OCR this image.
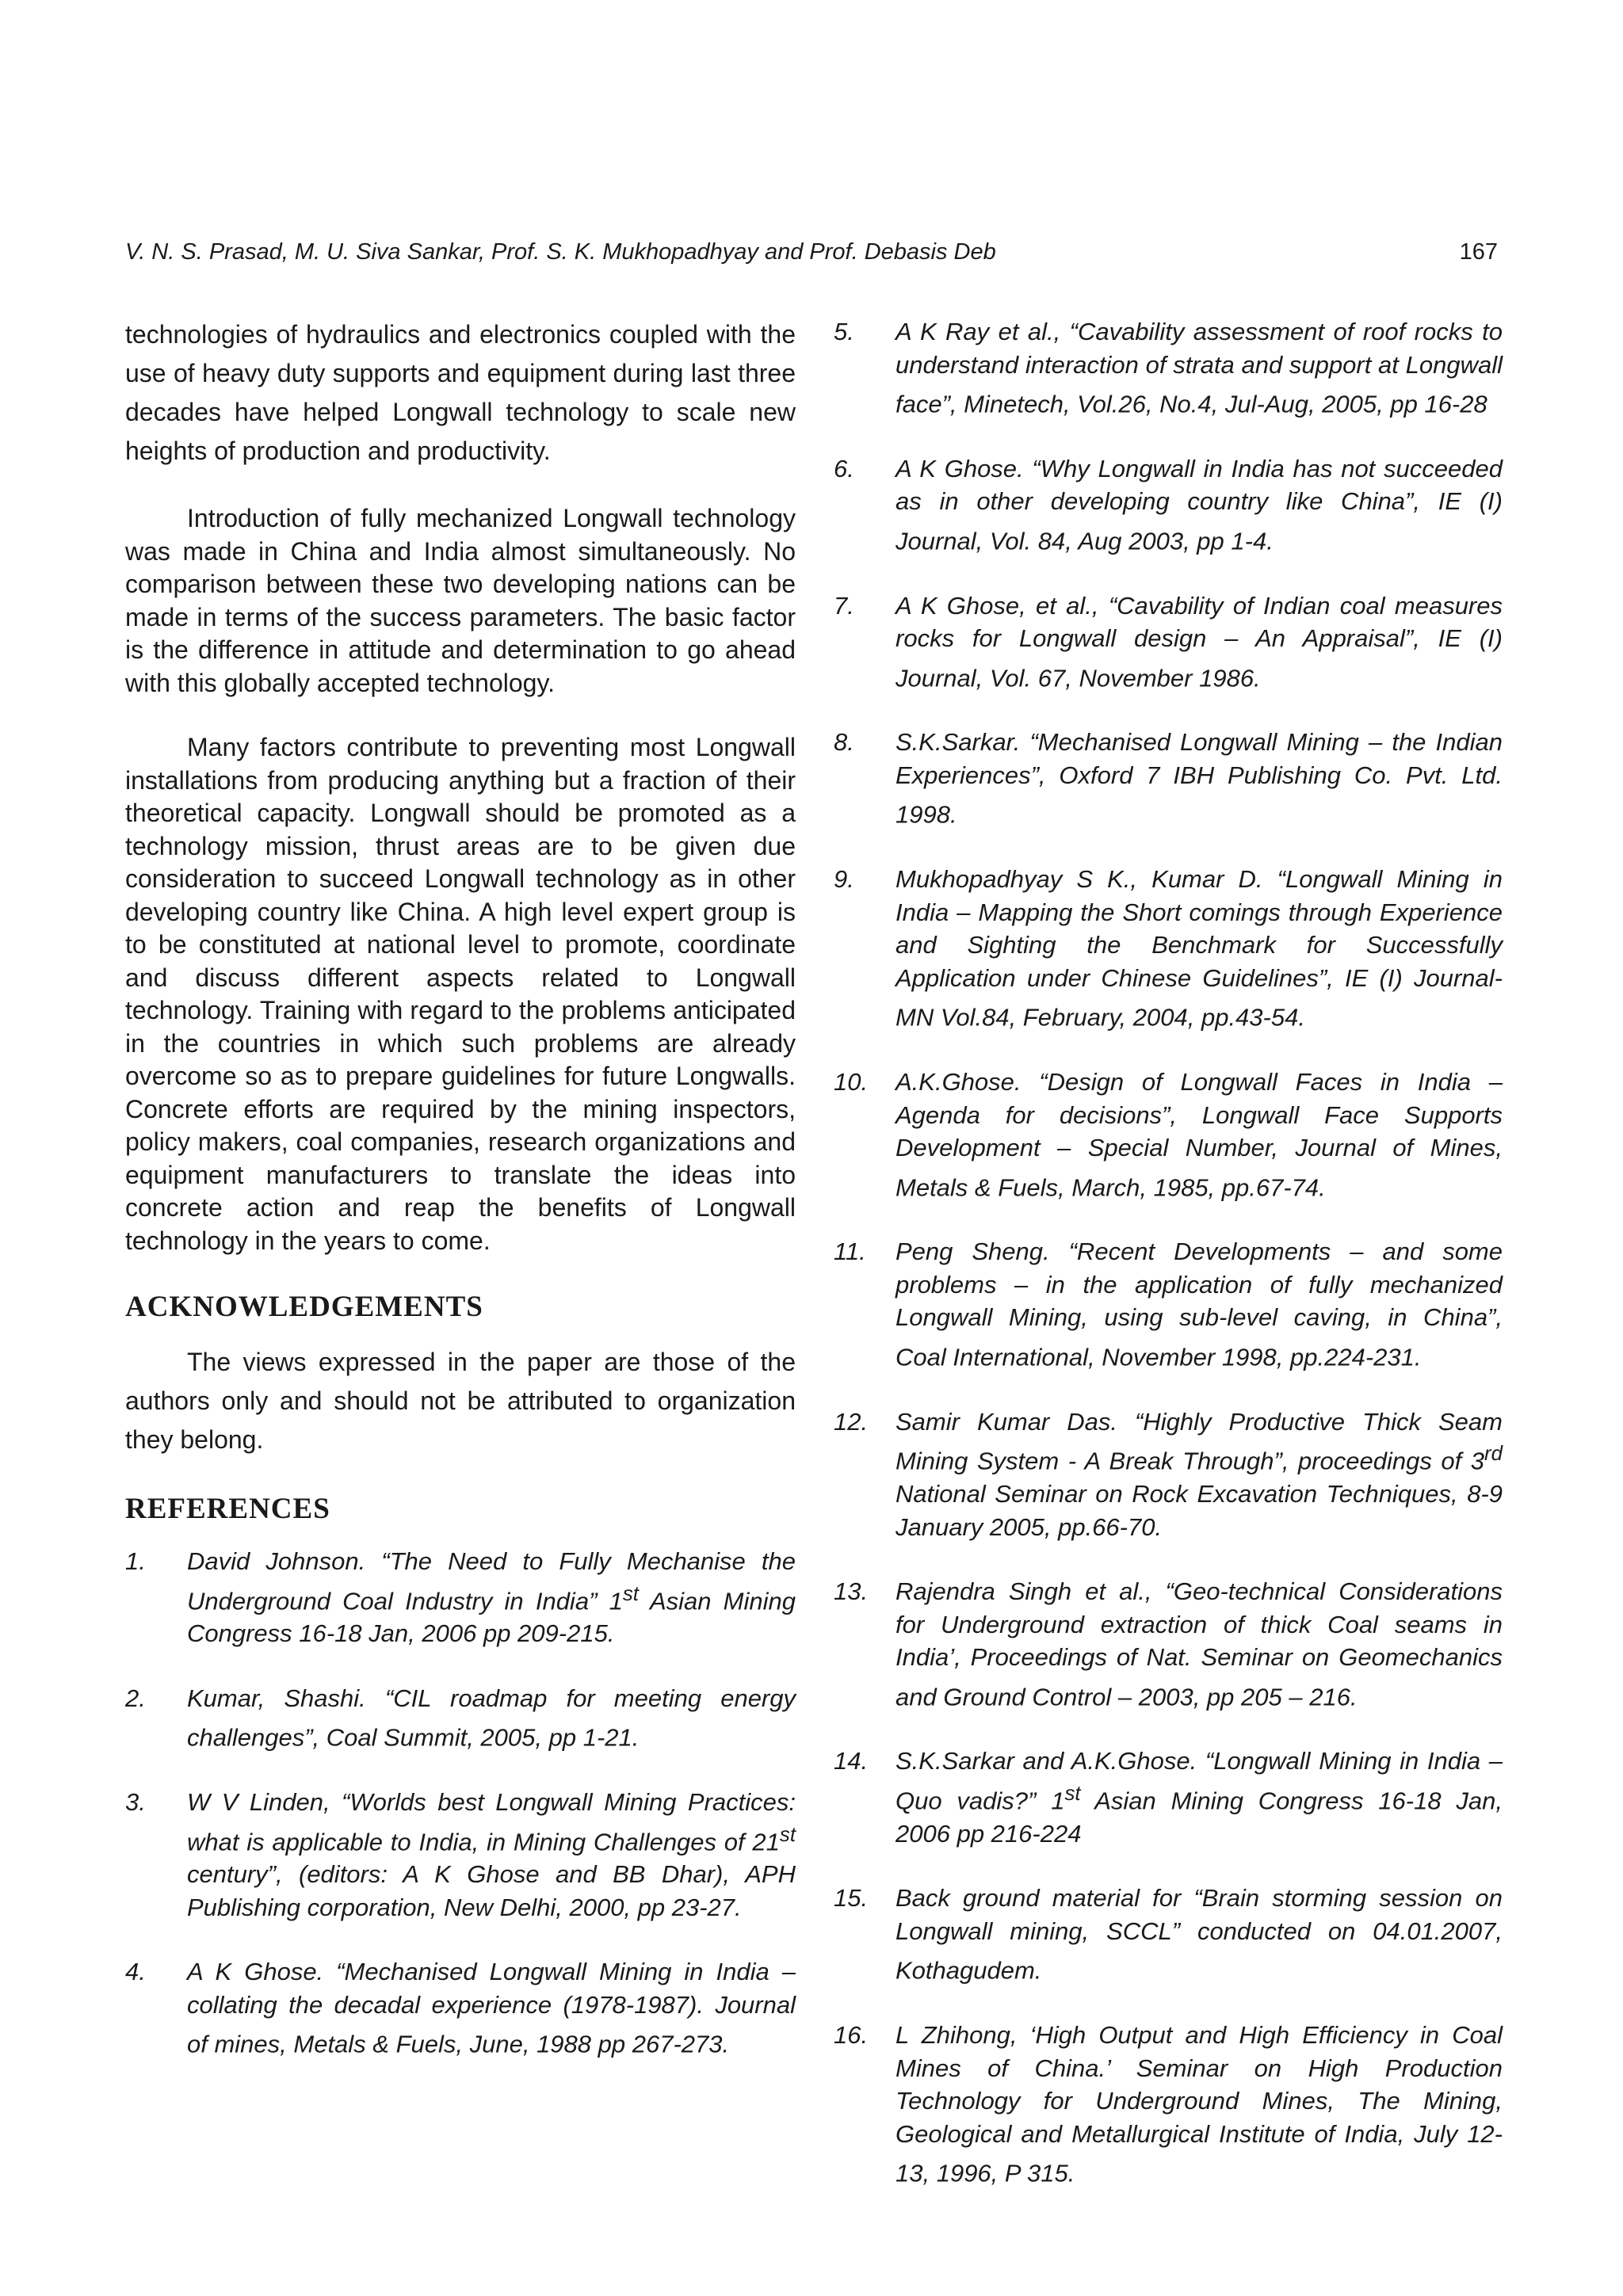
V. N. S. Prasad, M. U. Siva Sankar, Prof. S. K. Mukhopadhyay and Prof. Debasis Deb	167

technologies of hydraulics and electronics coupled with the use of heavy duty supports and equipment during last three decades have helped Longwall technology to scale new heights of production and productivity.

Introduction of fully mechanized Longwall technology was made in China and India almost simultaneously. No comparison between these two developing nations can be made in terms of the success parameters. The basic factor is the difference in attitude and determination to go ahead with this globally accepted technology.

Many factors contribute to preventing most Longwall installations from producing anything but a fraction of their theoretical capacity. Longwall should be promoted as a technology mission, thrust areas are to be given due consideration to succeed Longwall technology as in other developing country like China. A high level expert group is to be constituted at national level to promote, coordinate and discuss different aspects related to Longwall technology. Training with regard to the problems anticipated in the countries in which such problems are already overcome so as to prepare guidelines for future Longwalls. Concrete efforts are required by the mining inspectors, policy makers, coal companies, research organizations and equipment manufacturers to translate the ideas into concrete action and reap the benefits of Longwall technology in the years to come.

ACKNOWLEDGEMENTS

The views expressed in the paper are those of the authors only and should not be attributed to organization they belong.

REFERENCES
1. David Johnson. “The Need to Fully Mechanise the Underground Coal Industry in India” 1st Asian Mining Congress 16-18 Jan, 2006 pp 209-215.
2. Kumar, Shashi. “CIL roadmap for meeting energy challenges”, Coal Summit, 2005, pp 1-21.
3. W V Linden, “Worlds best Longwall Mining Practices: what is applicable to India, in Mining Challenges of 21st century”, (editors: A K Ghose and BB Dhar), APH Publishing corporation, New Delhi, 2000, pp 23-27.
4. A K Ghose. “Mechanised Longwall Mining in India – collating the decadal experience (1978-1987). Journal of mines, Metals & Fuels, June, 1988 pp 267-273.
5. A K Ray et al., “Cavability assessment of roof rocks to understand interaction of strata and support at Longwall face”, Minetech, Vol.26, No.4, Jul-Aug, 2005, pp 16-28
6. A K Ghose. “Why Longwall in India has not succeeded as in other developing country like China”, IE (I) Journal, Vol. 84, Aug 2003, pp 1-4.
7. A K Ghose, et al., “Cavability of Indian coal measures rocks for Longwall design – An Appraisal”, IE (I) Journal, Vol. 67, November 1986.
8. S.K.Sarkar. “Mechanised Longwall Mining – the Indian Experiences”, Oxford 7 IBH Publishing Co. Pvt. Ltd. 1998.
9. Mukhopadhyay S K., Kumar D. “Longwall Mining in India – Mapping the Short comings through Experience and Sighting the Benchmark for Successfully Application under Chinese Guidelines”, IE (I) Journal-MN Vol.84, February, 2004, pp.43-54.
10. A.K.Ghose. “Design of Longwall Faces in India – Agenda for decisions”, Longwall Face Supports Development – Special Number, Journal of Mines, Metals & Fuels, March, 1985, pp.67-74.
11. Peng Sheng. “Recent Developments – and some problems – in the application of fully mechanized Longwall Mining, using sub-level caving, in China”, Coal International, November 1998, pp.224-231.
12. Samir Kumar Das. “Highly Productive Thick Seam Mining System - A Break Through”, proceedings of 3rd National Seminar on Rock Excavation Techniques, 8-9 January 2005, pp.66-70.
13. Rajendra Singh et al., “Geo-technical Considerations for Underground extraction of thick Coal seams in India’, Proceedings of Nat. Seminar on Geomechanics and Ground Control – 2003, pp 205 – 216.
14. S.K.Sarkar and A.K.Ghose. “Longwall Mining in India – Quo vadis?” 1st Asian Mining Congress 16-18 Jan, 2006 pp 216-224
15. Back ground material for “Brain storming session on Longwall mining, SCCL” conducted on 04.01.2007, Kothagudem.
16. L Zhihong, ‘High Output and High Efficiency in Coal Mines of China.’ Seminar on High Production Technology for Underground Mines, The Mining, Geological and Metallurgical Institute of India, July 12-13, 1996, P 315.
